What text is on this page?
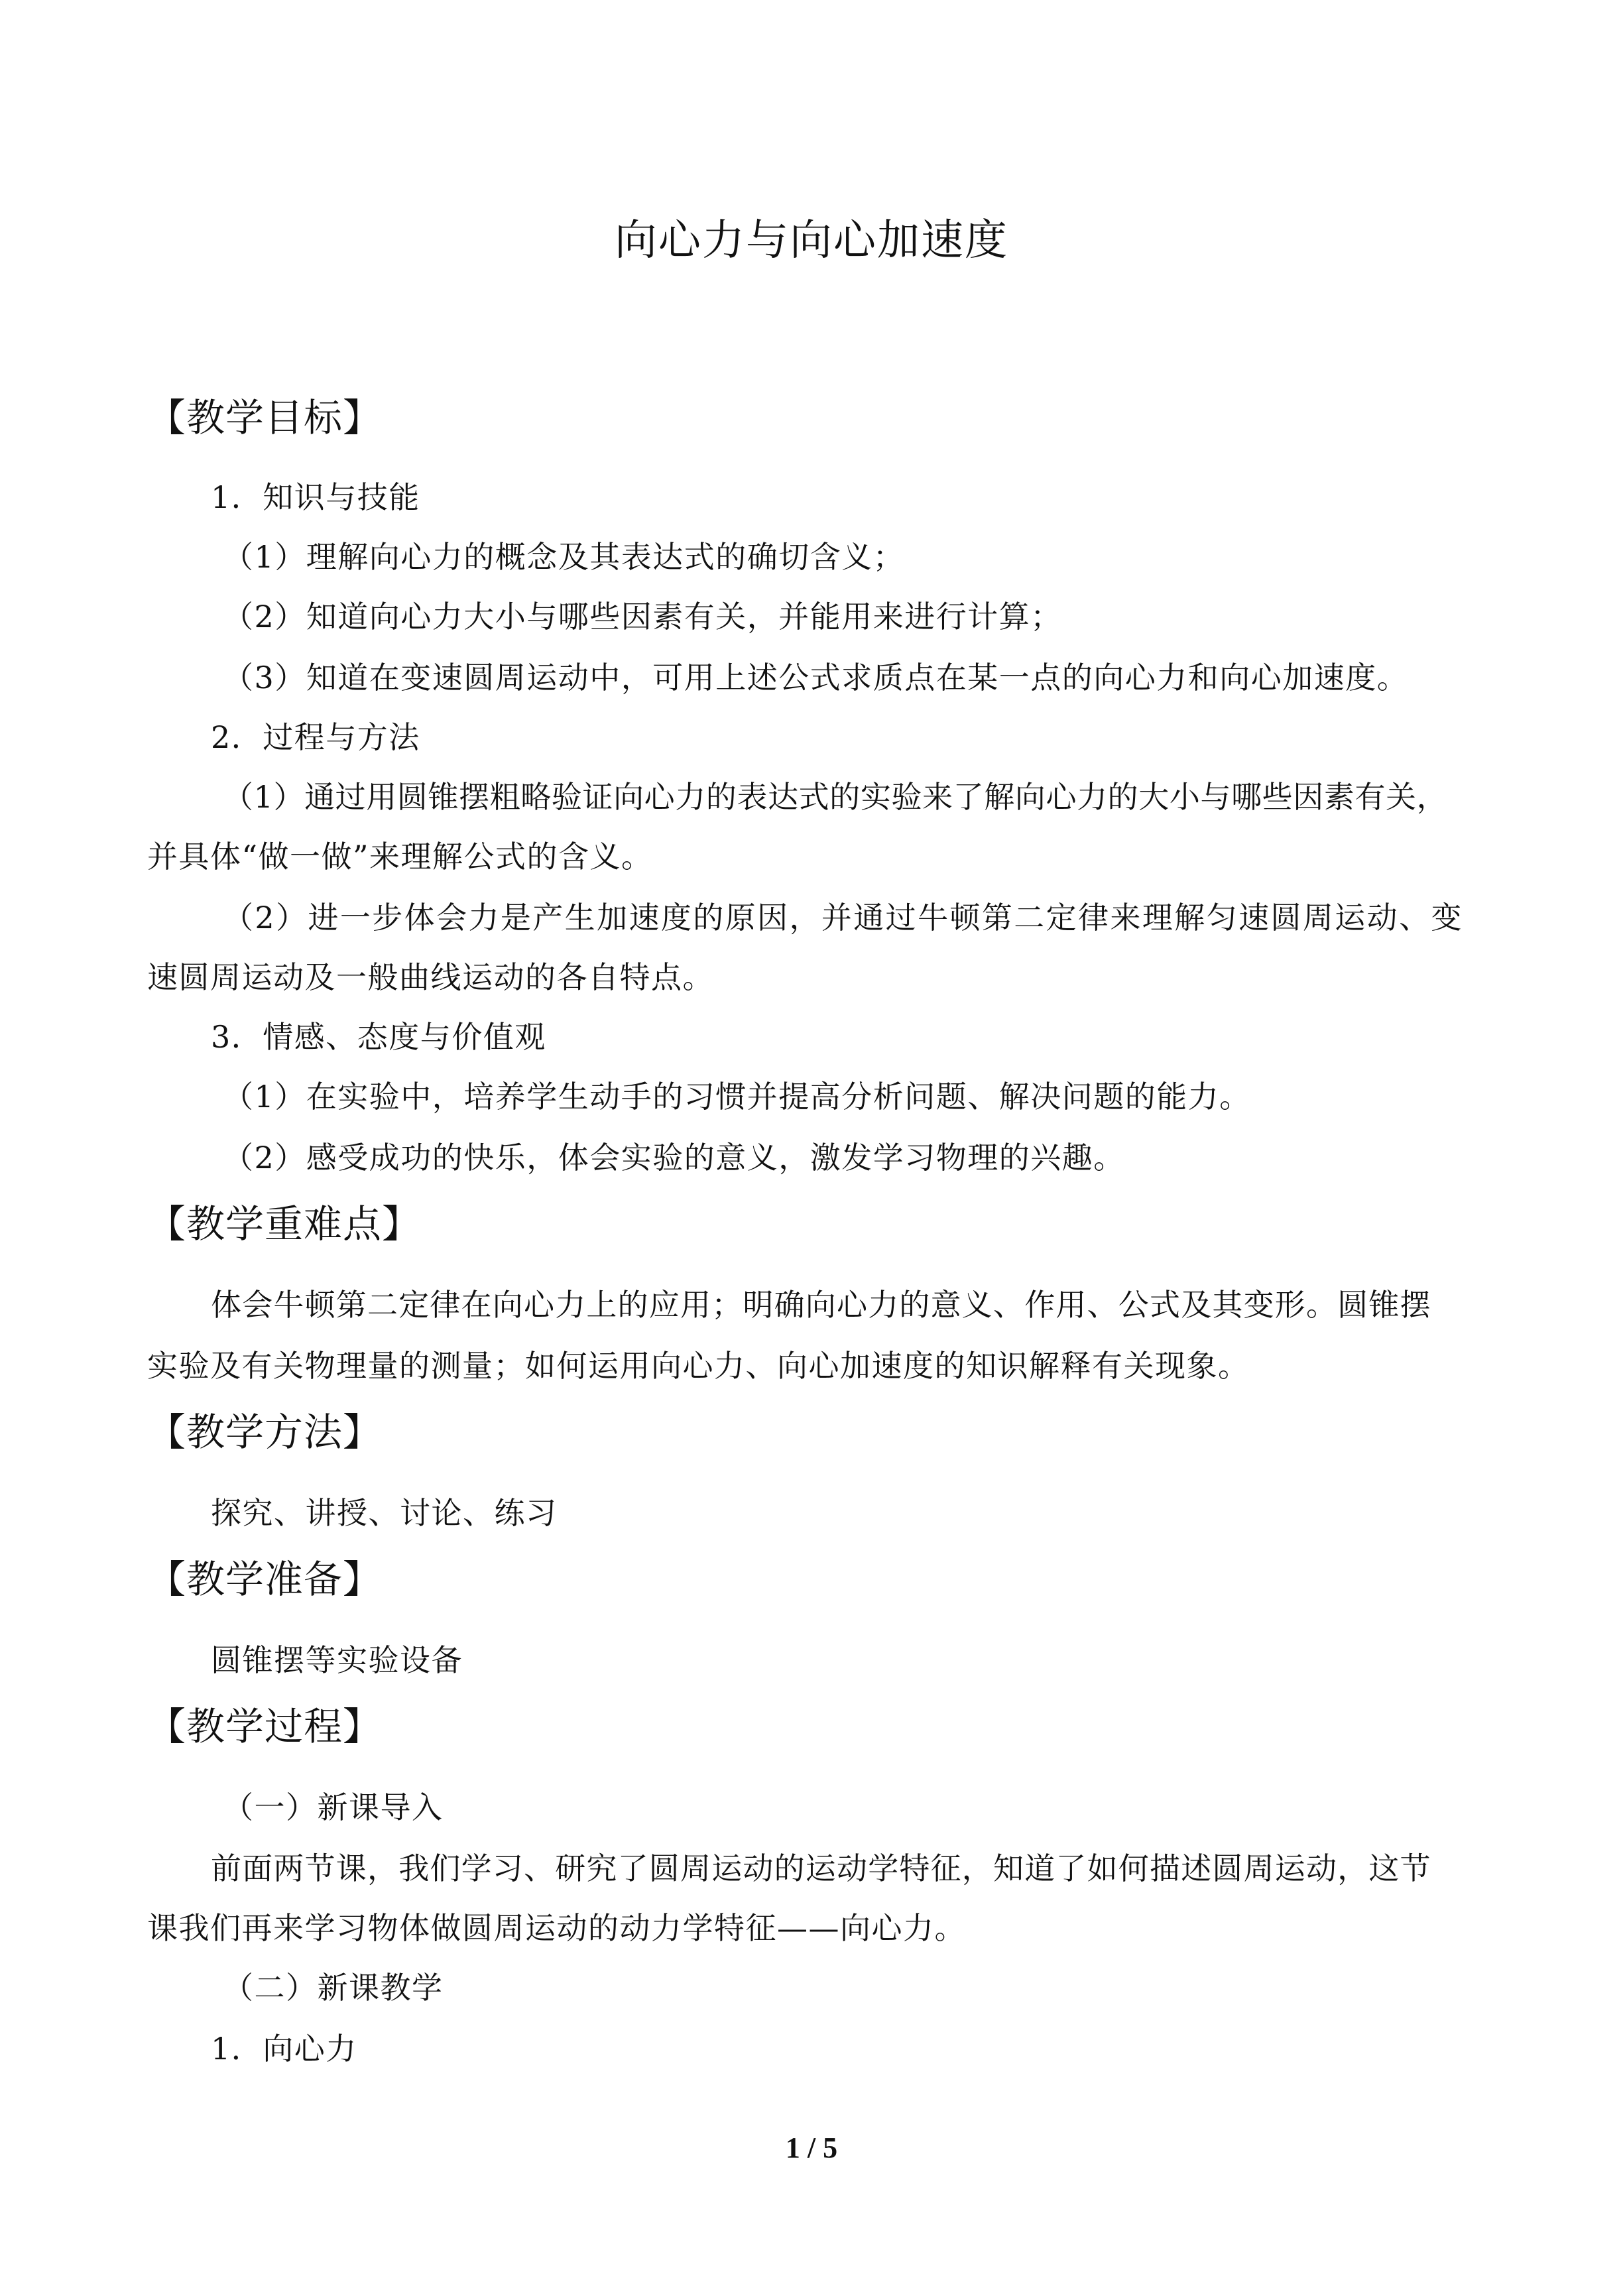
向心力与向心加速度
【教学目标】
1．知识与技能
（1）理解向心力的概念及其表达式的确切含义；
（2）知道向心力大小与哪些因素有关，并能用来进行计算；
（3）知道在变速圆周运动中，可用上述公式求质点在某一点的向心力和向心加速度。
2．过程与方法
（1）通过用圆锥摆粗略验证向心力的表达式的实验来了解向心力的大小与哪些因素有关，
并具体“做一做”来理解公式的含义。
（2）进一步体会力是产生加速度的原因，并通过牛顿第二定律来理解匀速圆周运动、变
速圆周运动及一般曲线运动的各自特点。
3．情感、态度与价值观
（1）在实验中，培养学生动手的习惯并提高分析问题、解决问题的能力。
（2）感受成功的快乐，体会实验的意义，激发学习物理的兴趣。
【教学重难点】
体会牛顿第二定律在向心力上的应用；明确向心力的意义、作用、公式及其变形。圆锥摆
实验及有关物理量的测量；如何运用向心力、向心加速度的知识解释有关现象。
【教学方法】
探究、讲授、讨论、练习
【教学准备】
圆锥摆等实验设备
【教学过程】
（一）新课导入
前面两节课，我们学习、研究了圆周运动的运动学特征，知道了如何描述圆周运动，这节
课我们再来学习物体做圆周运动的动力学特征——向心力。
（二）新课教学
1．向心力
1 / 5
